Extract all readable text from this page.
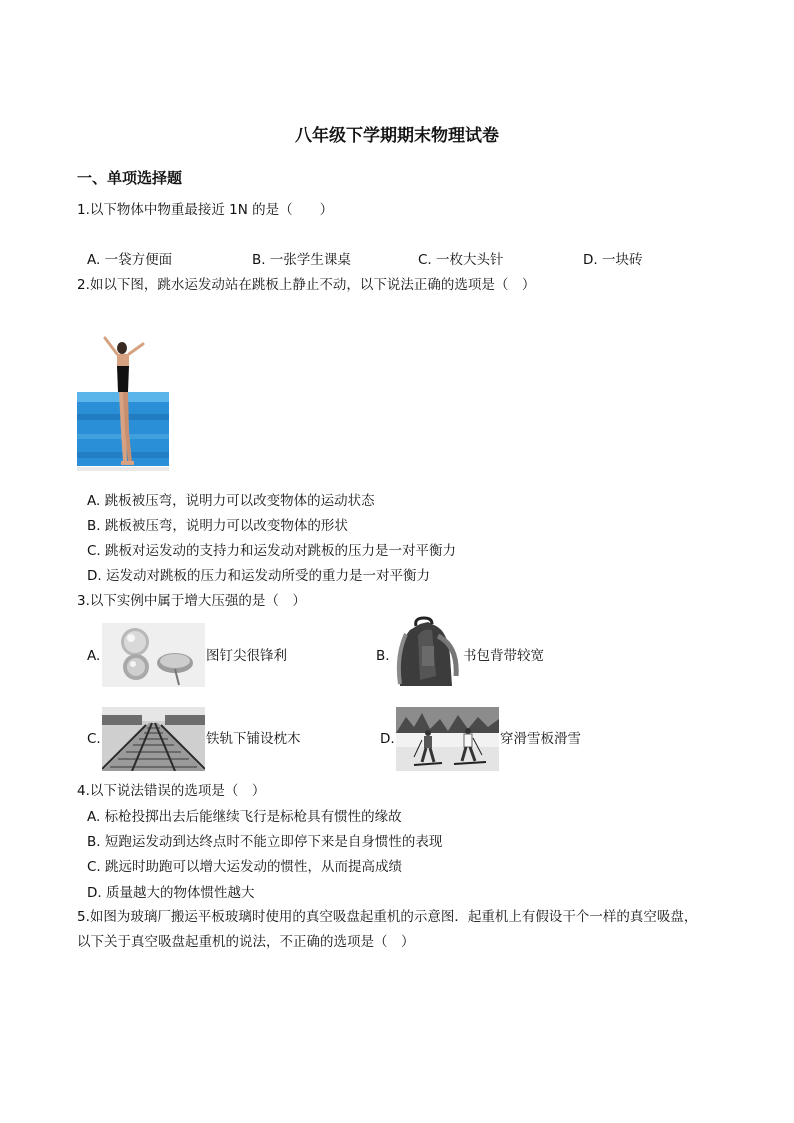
八年级下学期期末物理试卷
一、单项选择题
1.以下物体中物重最接近 1N 的是（　　）
A. 一袋方便面	B. 一张学生课桌	C. 一枚大头针	D. 一块砖
2.如以下图，跳水运发动站在跳板上静止不动，以下说法正确的选项是（　）
A. 跳板被压弯，说明力可以改变物体的运动状态
B. 跳板被压弯，说明力可以改变物体的形状
C. 跳板对运发动的支持力和运发动对跳板的压力是一对平衡力
D. 运发动对跳板的压力和运发动所受的重力是一对平衡力
3.以下实例中属于增大压强的是（　）
A.	图钉尖很锋利	B.	书包背带较宽
C.	铁轨下铺设枕木	D.	穿滑雪板滑雪
4.以下说法错误的选项是（　）
A. 标枪投掷出去后能继续飞行是标枪具有惯性的缘故
B. 短跑运发动到达终点时不能立即停下来是自身惯性的表现
C. 跳远时助跑可以增大运发动的惯性，从而提高成绩
D. 质量越大的物体惯性越大
5.如图为玻璃厂搬运平板玻璃时使用的真空吸盘起重机的示意图．起重机上有假设干个一样的真空吸盘，
以下关于真空吸盘起重机的说法，不正确的选项是（　）
